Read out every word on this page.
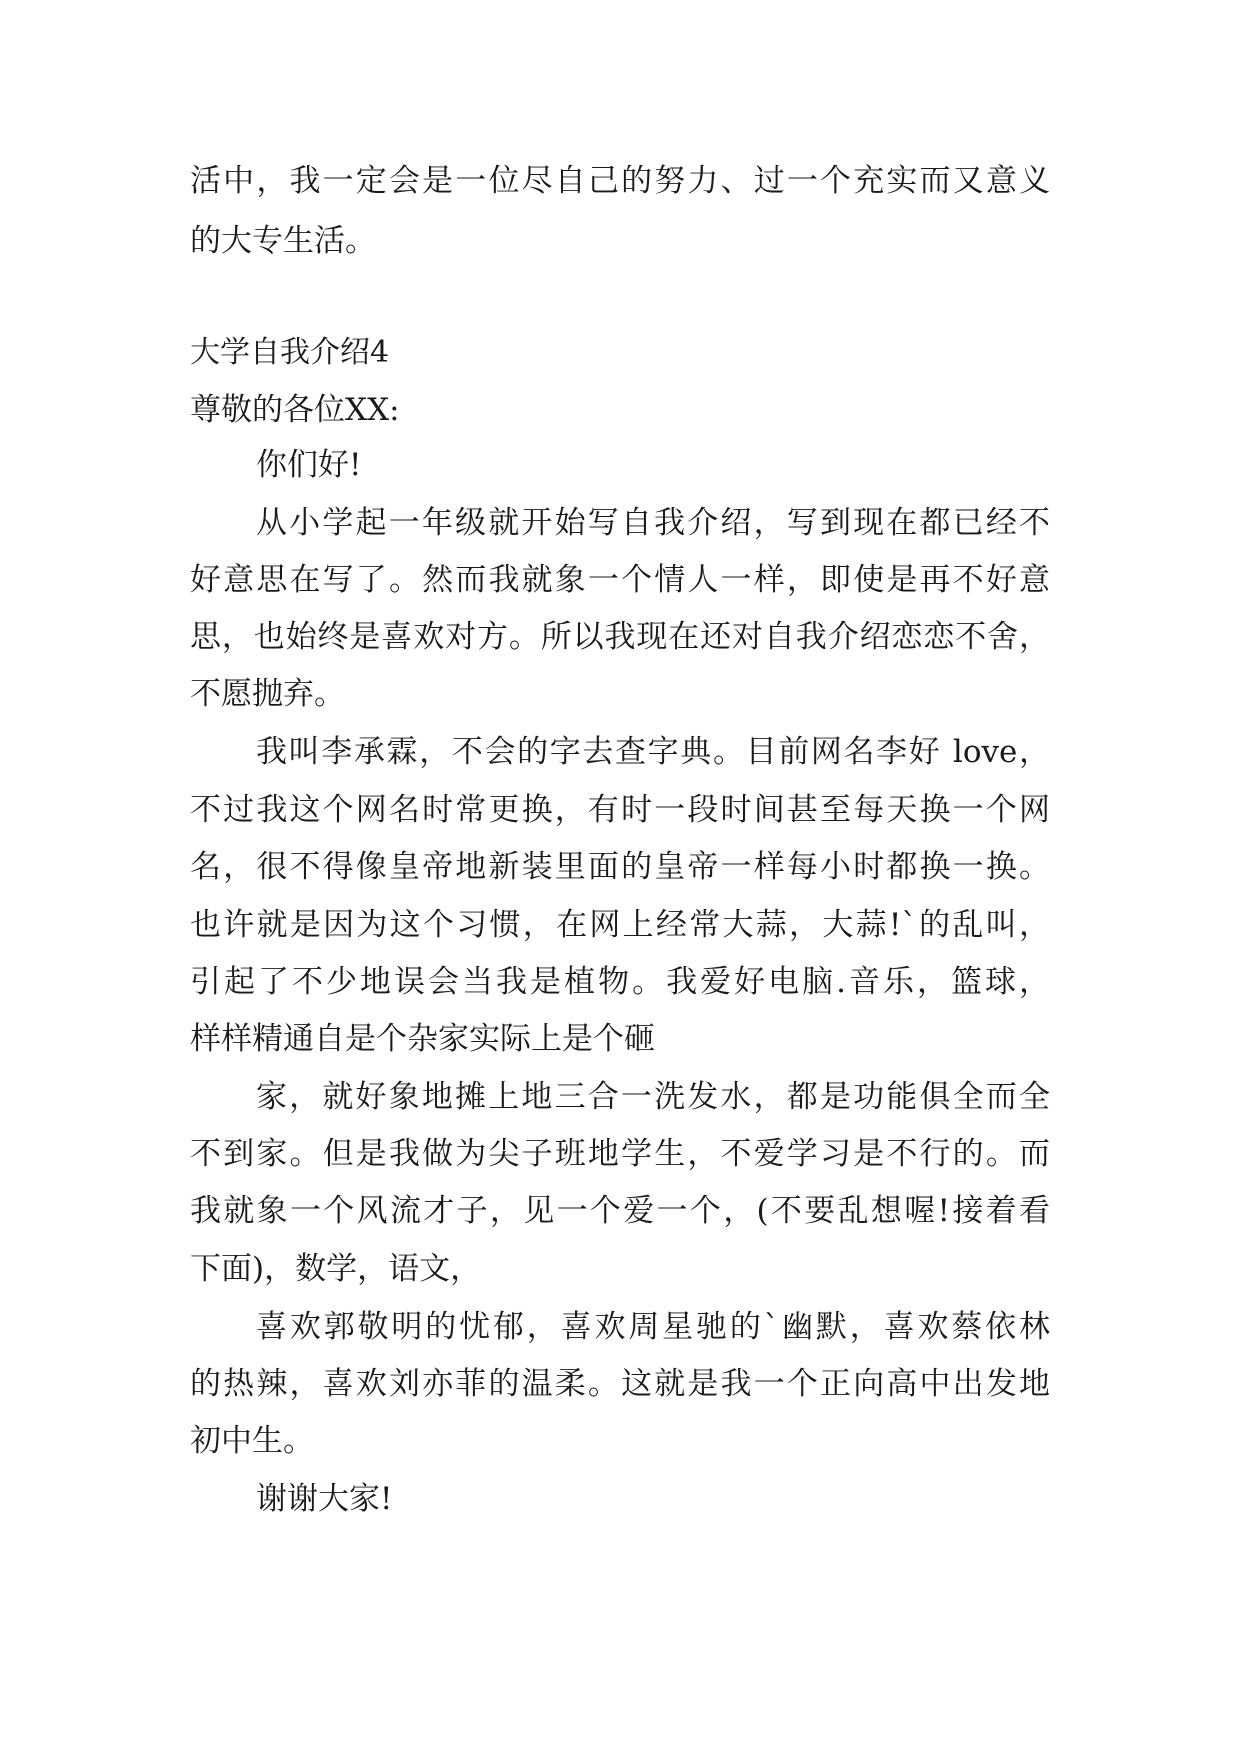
活中，我一定会是一位尽自己的努力、过一个充实而又意义
的大专生活。
大学自我介绍4
尊敬的各位XX:
你们好!
从小学起一年级就开始写自我介绍，写到现在都已经不
好意思在写了。然而我就象一个情人一样，即使是再不好意
思，也始终是喜欢对方。所以我现在还对自我介绍恋恋不舍，
不愿抛弃。
我叫李承霖，不会的字去查字典。目前网名李好 love，
不过我这个网名时常更换，有时一段时间甚至每天换一个网
名，很不得像皇帝地新装里面的皇帝一样每小时都换一换。
也许就是因为这个习惯，在网上经常大蒜，大蒜!`的乱叫，
引起了不少地误会当我是植物。我爱好电脑.音乐，篮球，
样样精通自是个杂家实际上是个砸
家，就好象地摊上地三合一洗发水，都是功能俱全而全
不到家。但是我做为尖子班地学生，不爱学习是不行的。而
我就象一个风流才子，见一个爱一个，(不要乱想喔!接着看
下面)，数学，语文，
喜欢郭敬明的忧郁，喜欢周星驰的`幽默，喜欢蔡依林
的热辣，喜欢刘亦菲的温柔。这就是我一个正向高中出发地
初中生。
谢谢大家!
